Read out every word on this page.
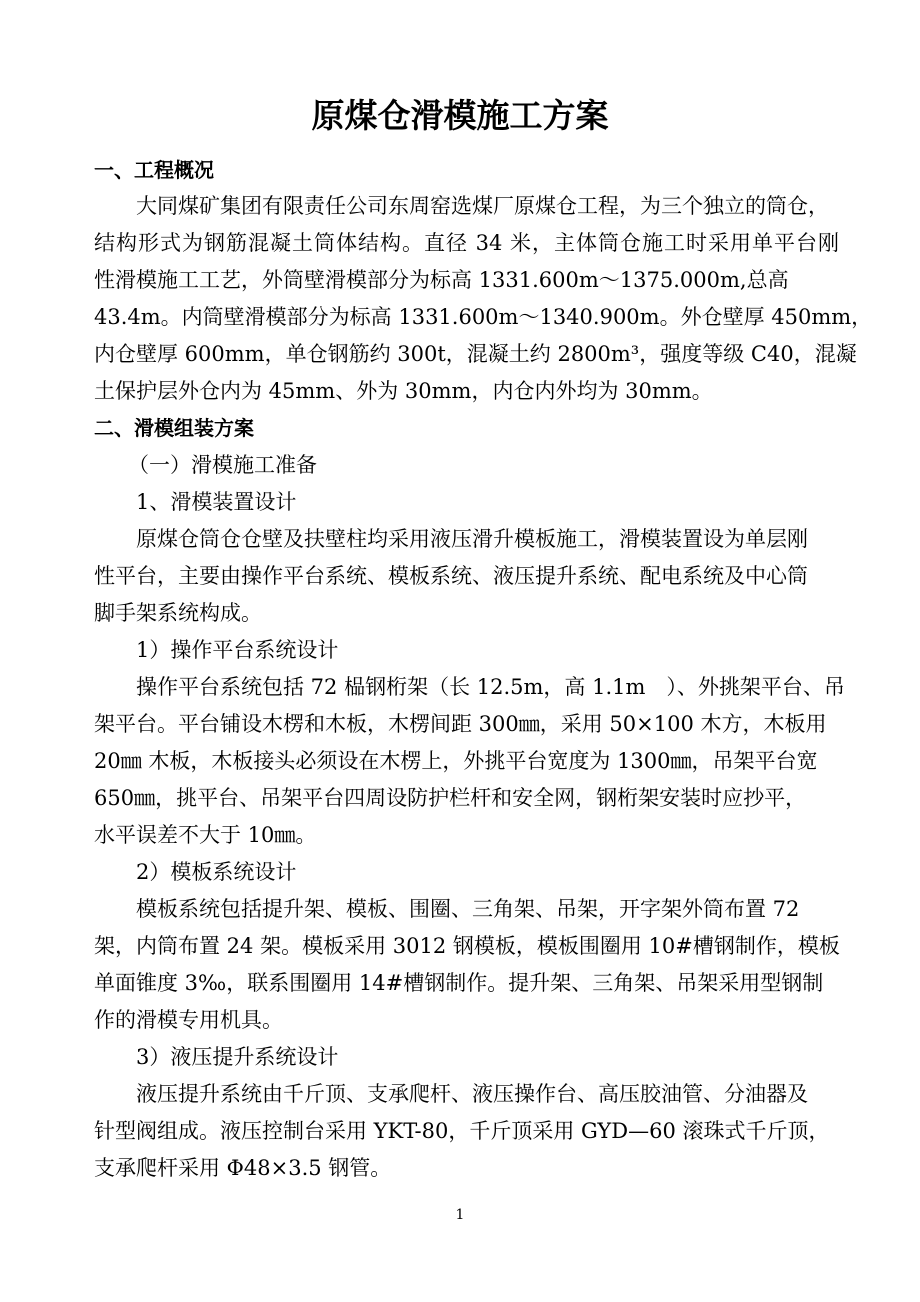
原煤仓滑模施工方案
一、工程概况
大同煤矿集团有限责任公司东周窑选煤厂原煤仓工程，为三个独立的筒仓，
结构形式为钢筋混凝土筒体结构。直径 34 米，主体筒仓施工时采用单平台刚
性滑模施工工艺，外筒壁滑模部分为标高 1331.600m～1375.000m,总高
43.4m。内筒壁滑模部分为标高 1331.600m～1340.900m。外仓壁厚 450mm，
内仓壁厚 600mm，单仓钢筋约 300t，混凝土约 2800m³，强度等级 C40，混凝
土保护层外仓内为 45mm、外为 30mm，内仓内外均为 30mm。
二、滑模组装方案
（一）滑模施工准备
1、滑模装置设计
原煤仓筒仓仓壁及扶壁柱均采用液压滑升模板施工，滑模装置设为单层刚
性平台，主要由操作平台系统、模板系统、液压提升系统、配电系统及中心筒
脚手架系统构成。
1）操作平台系统设计
操作平台系统包括 72 榀钢桁架（长 12.5m，高 1.1m　）、外挑架平台、吊
架平台。平台铺设木楞和木板，木楞间距 300㎜，采用 50×100 木方，木板用
20㎜ 木板，木板接头必须设在木楞上，外挑平台宽度为 1300㎜，吊架平台宽
650㎜，挑平台、吊架平台四周设防护栏杆和安全网，钢桁架安装时应抄平，
水平误差不大于 10㎜。
2）模板系统设计
模板系统包括提升架、模板、围圈、三角架、吊架，开字架外筒布置 72
架，内筒布置 24 架。模板采用 3012 钢模板，模板围圈用 10#槽钢制作，模板
单面锥度 3‰，联系围圈用 14#槽钢制作。提升架、三角架、吊架采用型钢制
作的滑模专用机具。
3）液压提升系统设计
液压提升系统由千斤顶、支承爬杆、液压操作台、高压胶油管、分油器及
针型阀组成。液压控制台采用 YKT-80，千斤顶采用 GYD—60 滚珠式千斤顶，
支承爬杆采用 Φ48×3.5 钢管。
1
